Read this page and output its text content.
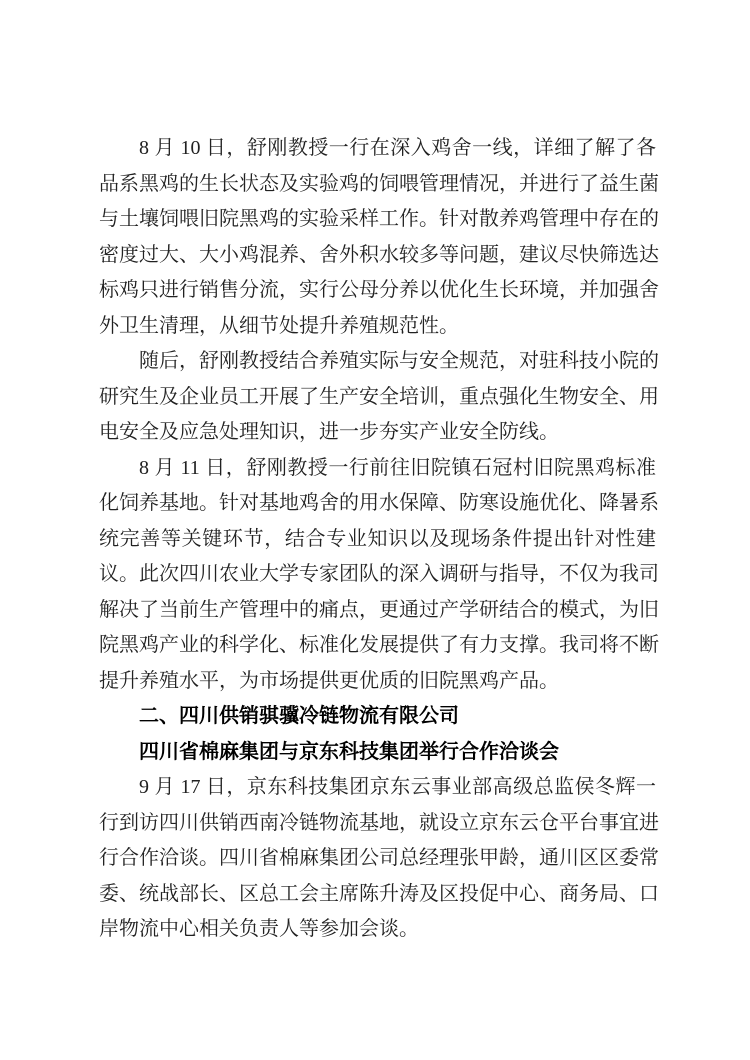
8 月 10 日，舒刚教授一行在深入鸡舍一线，详细了解了各
品系黑鸡的生长状态及实验鸡的饲喂管理情况，并进行了益生菌
与土壤饲喂旧院黑鸡的实验采样工作。针对散养鸡管理中存在的
密度过大、大小鸡混养、舍外积水较多等问题，建议尽快筛选达
标鸡只进行销售分流，实行公母分养以优化生长环境，并加强舍
外卫生清理，从细节处提升养殖规范性。
随后，舒刚教授结合养殖实际与安全规范，对驻科技小院的
研究生及企业员工开展了生产安全培训，重点强化生物安全、用
电安全及应急处理知识，进一步夯实产业安全防线。
8 月 11 日，舒刚教授一行前往旧院镇石冠村旧院黑鸡标准
化饲养基地。针对基地鸡舍的用水保障、防寒设施优化、降暑系
统完善等关键环节，结合专业知识以及现场条件提出针对性建议。 此次四川农业大学专家团队的深入调研与指导，不仅为我司
解决了当前生产管理中的痛点，更通过产学研结合的模式，为旧
院黑鸡产业的科学化、标准化发展提供了有力支撑。我司将不断
提升养殖水平，为市场提供更优质的旧院黑鸡产品。
二、四川供销骐骥冷链物流有限公司
四川省棉麻集团与京东科技集团举行合作洽谈会
9 月 17 日，京东科技集团京东云事业部高级总监侯冬辉一
行到访四川供销西南冷链物流基地，就设立京东云仓平台事宜进
行合作洽谈。四川省棉麻集团公司总经理张甲龄，通川区区委常
委、统战部长、区总工会主席陈升涛及区投促中心、商务局、口
岸物流中心相关负责人等参加会谈。
